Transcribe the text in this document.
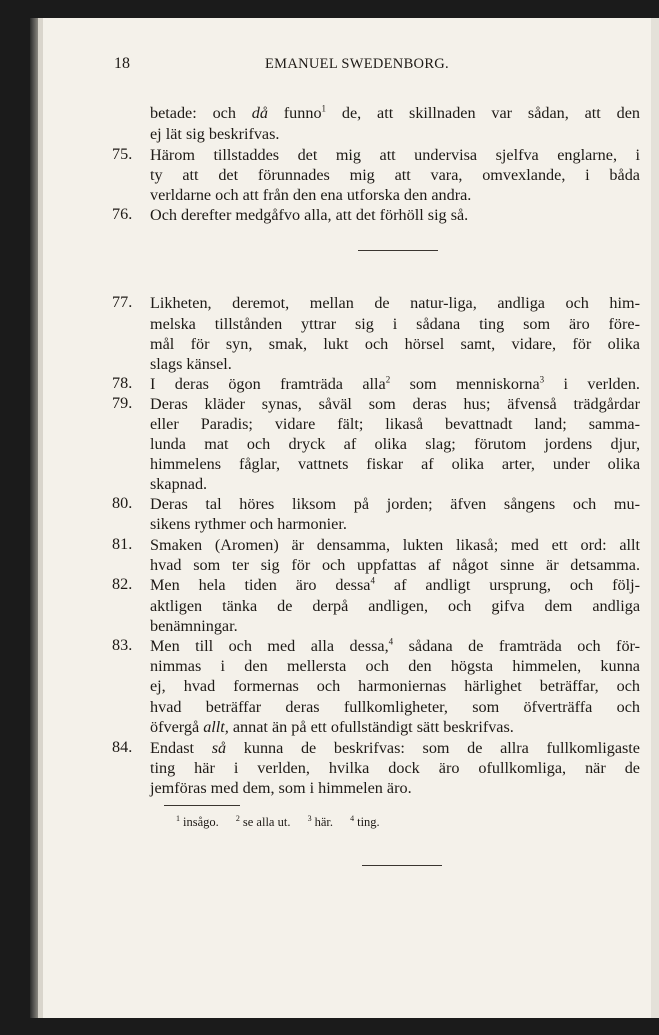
18	EMANUEL SWEDENBORG.
betade: och då funno$^1$ de, att skillnaden var sådan, att den
ej lät sig beskrifvas.
75. Härom tillstaddes det mig att undervisa sjelfva englarne, i
ty att det förunnades mig att vara, omvexlande, i båda
verldarne och att från den ena utforska den andra.
76. Och derefter medgåfvo alla, att det förhöll sig så.
77. Likheten, deremot, mellan de natur-liga, andliga och him-
melska tillstånden yttrar sig i sådana ting som äro före-
mål för syn, smak, lukt och hörsel samt, vidare, för olika
slags känsel.
78. I deras ögon framträda alla$^2$ som menniskorna$^3$ i verlden.
79. Deras kläder synas, såväl som deras hus; äfvenså trädgårdar
eller Paradis; vidare fält; likaså bevattnadt land; samma-
lunda mat och dryck af olika slag; förutom jordens djur,
himmelens fåglar, vattnets fiskar af olika arter, under olika
skapnad.
80. Deras tal höres liksom på jorden; äfven sångens och mu-
sikens rythmer och harmonier.
81. Smaken (Aromen) är densamma, lukten likaså; med ett ord: allt
hvad som ter sig för och uppfattas af något sinne är detsamma.
82. Men hela tiden äro dessa$^4$ af andligt ursprung, och följ-
aktligen tänka de derpå andligen, och gifva dem andliga
benämningar.
83. Men till och med alla dessa,$^4$ sådana de framträda och för-
nimmas i den mellersta och den högsta himmelen, kunna
ej, hvad formernas och harmoniernas härlighet beträffar, och
hvad beträffar deras fullkomligheter, som öfverträffa och
öfvergå allt, annat än på ett ofullständigt sätt beskrifvas.
84. Endast så kunna de beskrifvas: som de allra fullkomligaste
ting här i verlden, hvilka dock äro ofullkomliga, när de
jemföras med dem, som i himmelen äro.
$^1$ insågo. $^2$ se alla ut. $^3$ här. $^4$ ting.
